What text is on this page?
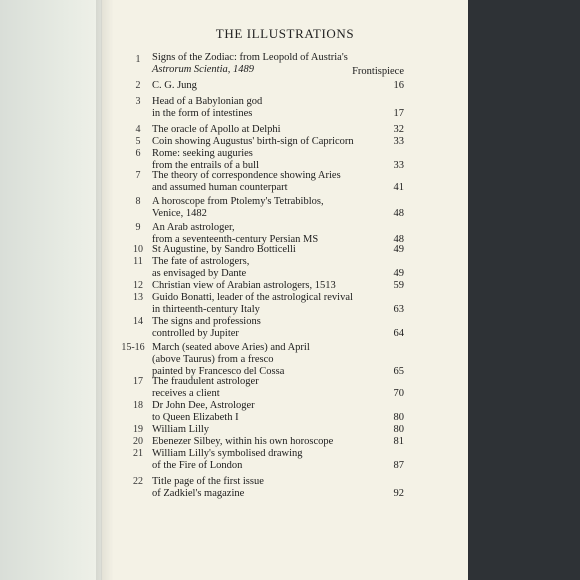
THE ILLUSTRATIONS
1	Signs of the Zodiac: from Leopold of Austria's
Astrorum Scientia, 1489	Frontispiece
2	C. G. Jung	16
3	Head of a Babylonian god
in the form of intestines	17
4	The oracle of Apollo at Delphi	32
5	Coin showing Augustus' birth-sign of Capricorn	33
6	Rome: seeking auguries
from the entrails of a bull	33
7	The theory of correspondence showing Aries
and assumed human counterpart	41
8	A horoscope from Ptolemy's Tetrabiblos,
Venice, 1482	48
9	An Arab astrologer,
from a seventeenth-century Persian MS	48
10 St Augustine, by Sandro Botticelli	49
11 The fate of astrologers,
as envisaged by Dante	49
12 Christian view of Arabian astrologers, 1513	59
13 Guido Bonatti, leader of the astrological revival
in thirteenth-century Italy	63
14 The signs and professions
controlled by Jupiter	64
15-16 March (seated above Aries) and April
(above Taurus) from a fresco
painted by Francesco del Cossa	65
17 The fraudulent astrologer
receives a client	70
18 Dr John Dee, Astrologer
to Queen Elizabeth I	80
19 William Lilly	80
20 Ebenezer Silbey, within his own horoscope	81
21 William Lilly's symbolised drawing
of the Fire of London	87
22 Title page of the first issue
of Zadkiel's magazine	92
